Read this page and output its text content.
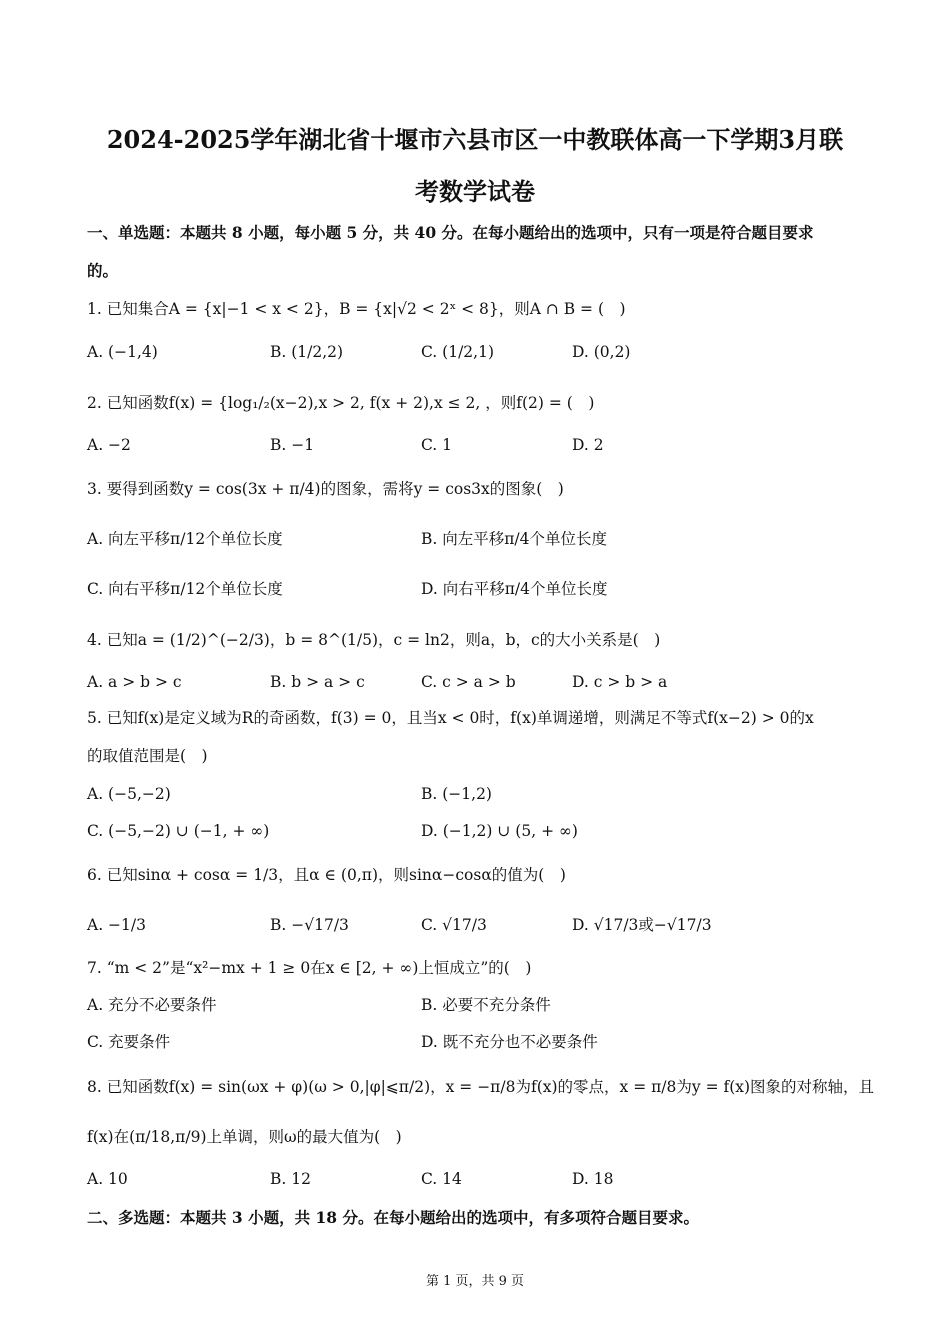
2024-2025学年湖北省十堰市六县市区一中教联体高一下学期3月联
考数学试卷
一、单选题：本题共 8 小题，每小题 5 分，共 40 分。在每小题给出的选项中，只有一项是符合题目要求
的。
1. 已知集合A = {x|−1 < x < 2}，B = {x|√2 < 2ˣ < 8}，则A ∩ B = (　)
A. (−1,4)	B. (1/2,2)	C. (1/2,1)	D. (0,2)
2. 已知函数f(x) = {log₁/₂(x−2),x > 2, f(x + 2),x ≤ 2, ，则f(2) = (　)
A. −2	B. −1	C. 1	D. 2
3. 要得到函数y = cos(3x + π/4)的图象，需将y = cos3x的图象(　)
A. 向左平移π/12个单位长度	B. 向左平移π/4个单位长度
C. 向右平移π/12个单位长度	D. 向右平移π/4个单位长度
4. 已知a = (1/2)^(−2/3)，b = 8^(1/5)，c = ln2，则a，b，c的大小关系是(　)
A. a > b > c	B. b > a > c	C. c > a > b	D. c > b > a
5. 已知f(x)是定义域为R的奇函数，f(3) = 0，且当x < 0时，f(x)单调递增，则满足不等式f(x−2) > 0的x
的取值范围是(　)
A. (−5,−2)	B. (−1,2)
C. (−5,−2) ∪ (−1, + ∞)	D. (−1,2) ∪ (5, + ∞)
6. 已知sinα + cosα = 1/3，且α ∈ (0,π)，则sinα−cosα的值为(　)
A. −1/3	B. −√17/3	C. √17/3	D. √17/3或−√17/3
7. “m < 2”是“x²−mx + 1 ≥ 0在x ∈ [2, + ∞)上恒成立”的(　)
A. 充分不必要条件	B. 必要不充分条件
C. 充要条件	D. 既不充分也不必要条件
8. 已知函数f(x) = sin(ωx + φ)(ω > 0,|φ|⩽π/2)，x = −π/8为f(x)的零点，x = π/8为y = f(x)图象的对称轴，且
f(x)在(π/18,π/9)上单调，则ω的最大值为(　)
A. 10	B. 12	C. 14	D. 18
二、多选题：本题共 3 小题，共 18 分。在每小题给出的选项中，有多项符合题目要求。
第 1 页，共 9 页
